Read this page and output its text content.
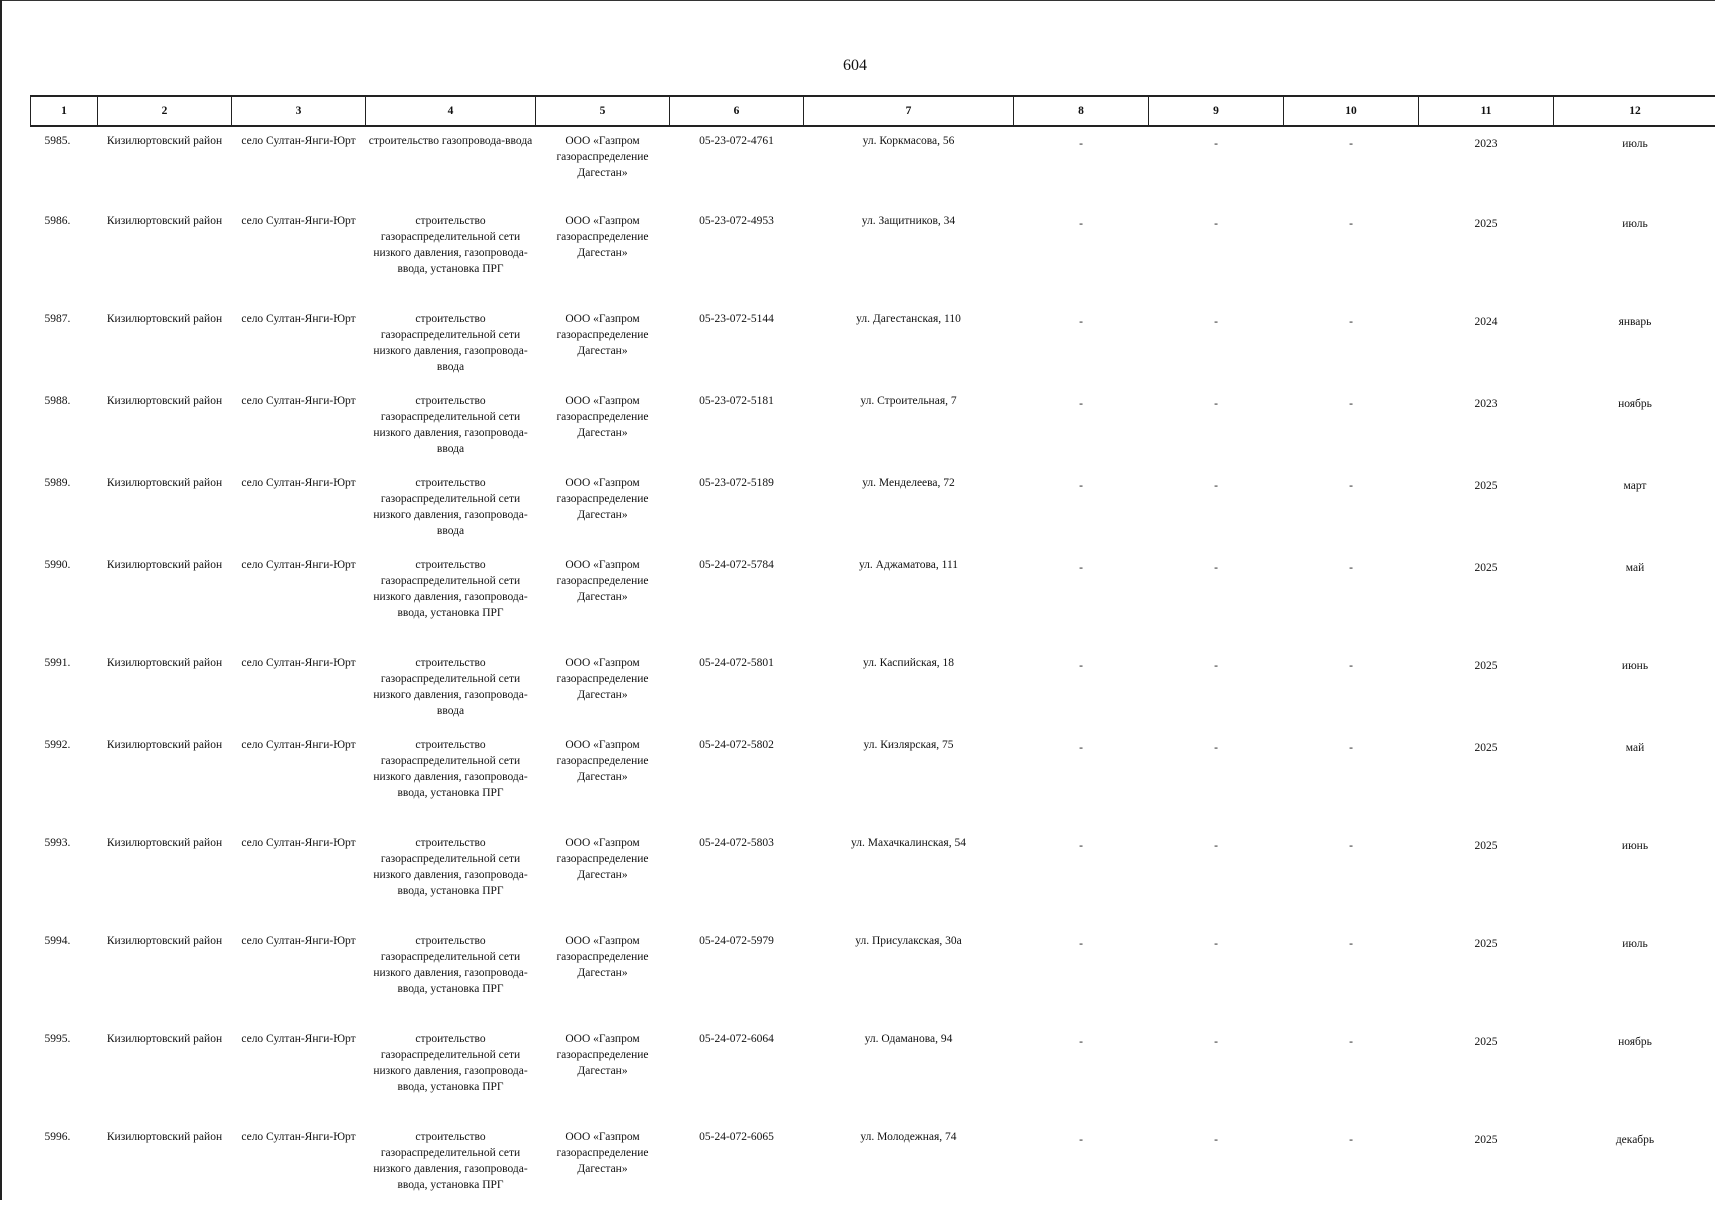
604
1	2	3	4	5	6	7	8	9	10	11	12
5985.	Кизилюртовский район	село Султан-Янги-Юрт	строительство газопровода-ввода	ООО «Газпром газораспределение Дагестан»	05-23-072-4761	ул. Коркмасова, 56	-	-	-	2023	июль
5986.	Кизилюртовский район	село Султан-Янги-Юрт	строительство газораспределительной сети низкого давления, газопровода-ввода, установка ПРГ	ООО «Газпром газораспределение Дагестан»	05-23-072-4953	ул. Защитников, 34	-	-	-	2025	июль
5987.	Кизилюртовский район	село Султан-Янги-Юрт	строительство газораспределительной сети низкого давления, газопровода-ввода	ООО «Газпром газораспределение Дагестан»	05-23-072-5144	ул. Дагестанская, 110	-	-	-	2024	январь
5988.	Кизилюртовский район	село Султан-Янги-Юрт	строительство газораспределительной сети низкого давления, газопровода-ввода	ООО «Газпром газораспределение Дагестан»	05-23-072-5181	ул. Строительная, 7	-	-	-	2023	ноябрь
5989.	Кизилюртовский район	село Султан-Янги-Юрт	строительство газораспределительной сети низкого давления, газопровода-ввода	ООО «Газпром газораспределение Дагестан»	05-23-072-5189	ул. Менделеева, 72	-	-	-	2025	март
5990.	Кизилюртовский район	село Султан-Янги-Юрт	строительство газораспределительной сети низкого давления, газопровода-ввода, установка ПРГ	ООО «Газпром газораспределение Дагестан»	05-24-072-5784	ул. Аджаматова, 111	-	-	-	2025	май
5991.	Кизилюртовский район	село Султан-Янги-Юрт	строительство газораспределительной сети низкого давления, газопровода-ввода	ООО «Газпром газораспределение Дагестан»	05-24-072-5801	ул. Каспийская, 18	-	-	-	2025	июнь
5992.	Кизилюртовский район	село Султан-Янги-Юрт	строительство газораспределительной сети низкого давления, газопровода-ввода, установка ПРГ	ООО «Газпром газораспределение Дагестан»	05-24-072-5802	ул. Кизлярская, 75	-	-	-	2025	май
5993.	Кизилюртовский район	село Султан-Янги-Юрт	строительство газораспределительной сети низкого давления, газопровода-ввода, установка ПРГ	ООО «Газпром газораспределение Дагестан»	05-24-072-5803	ул. Махачкалинская, 54	-	-	-	2025	июнь
5994.	Кизилюртовский район	село Султан-Янги-Юрт	строительство газораспределительной сети низкого давления, газопровода-ввода, установка ПРГ	ООО «Газпром газораспределение Дагестан»	05-24-072-5979	ул. Присулакская, 30а	-	-	-	2025	июль
5995.	Кизилюртовский район	село Султан-Янги-Юрт	строительство газораспределительной сети низкого давления, газопровода-ввода, установка ПРГ	ООО «Газпром газораспределение Дагестан»	05-24-072-6064	ул. Одаманова, 94	-	-	-	2025	ноябрь
5996.	Кизилюртовский район	село Султан-Янги-Юрт	строительство газораспределительной сети низкого давления, газопровода-ввода, установка ПРГ	ООО «Газпром газораспределение Дагестан»	05-24-072-6065	ул. Молодежная, 74	-	-	-	2025	декабрь
